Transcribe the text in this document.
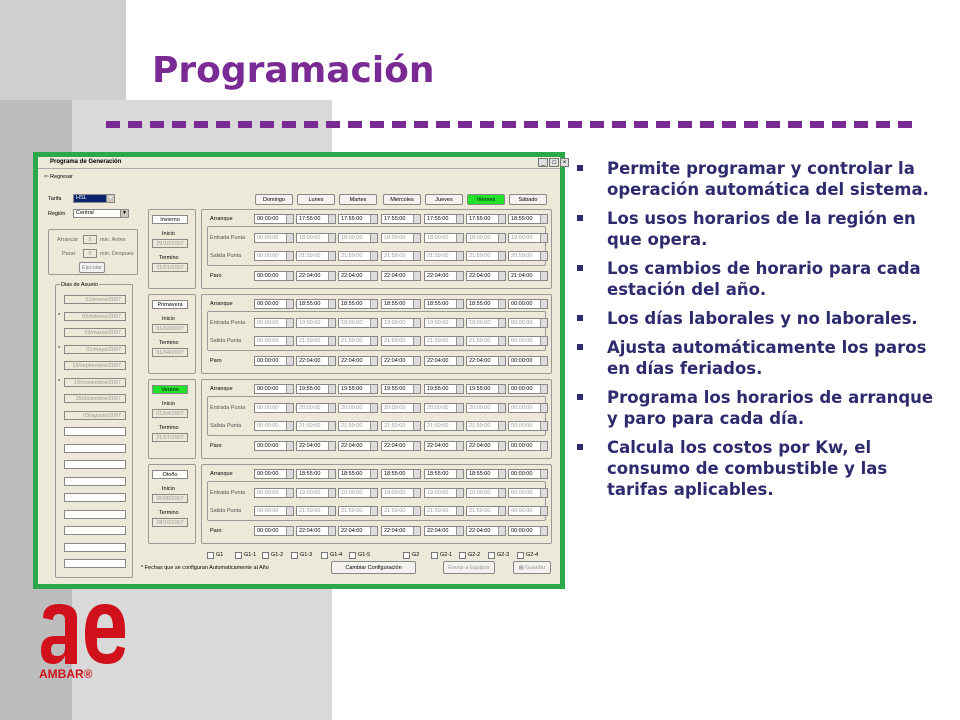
Programación
Programa de Generación	_	□	×
⇦ Regresar
Tarifa	HSL	▼
Región	Central	▼
Arrancar	5	min. Antes
Parar	5	min. Despues
Ejecutar
Dias de Asueto
01/enero/2007
05/febrero/2007
*
19/marzo/2007
01/mayo/2007
*
16/septiembre/2007
19/noviembre/2007
*
25/diciembre/2007
03/agosto/2007
Domingo	Lunes	Martes	Miércoles	Jueves	Viernes	Sábado
Invierno
Inicio
29/10/2007
Termino
31/01/2007
Arranque	00:00:00	17:55:00	17:55:00	17:55:00	17:55:00	17:55:00	18:55:00
Entrada Punta	00:00:00	18:00:00	18:00:00	18:00:00	18:00:00	18:00:00	19:00:00
Salida Punta	00:00:00	21:59:00	21:59:00	21:59:00	21:59:00	21:59:00	20:59:00
Paro	00:00:00	22:04:00	22:04:00	22:04:00	22:04:00	22:04:00	21:04:00
Primavera
Inicio
01/02/2007
Termino
01/04/2007
Arranque	00:00:00	18:55:00	18:55:00	18:55:00	18:55:00	18:55:00	00:00:00
Entrada Punta	00:00:00	19:00:00	19:00:00	19:00:00	19:00:00	19:00:00	00:00:00
Salida Punta	00:00:00	21:59:00	21:59:00	21:59:00	21:59:00	21:59:00	00:00:00
Paro	00:00:00	22:04:00	22:04:00	22:04:00	22:04:00	22:04:00	00:00:00
Verano
Inicio
01/04/2007
Termino
31/07/2007
Arranque	00:00:00	19:55:00	19:55:00	19:55:00	19:55:00	19:55:00	00:00:00
Entrada Punta	00:00:00	20:00:00	20:00:00	20:00:00	20:00:00	20:00:00	00:00:00
Salida Punta	00:00:00	21:59:00	21:59:00	21:59:00	21:59:00	21:59:00	00:00:00
Paro	00:00:00	22:04:00	22:04:00	22:04:00	22:04:00	22:04:00	00:00:00
Otoño
Inicio
05/08/2007
Termino
28/10/2007
Arranque	00:00:00	18:55:00	18:55:00	18:55:00	18:55:00	18:55:00	00:00:00
Entrada Punta	00:00:00	19:00:00	19:00:00	19:00:00	19:00:00	19:00:00	00:00:00
Salida Punta	00:00:00	21:59:00	21:59:00	21:59:00	21:59:00	21:59:00	00:00:00
Paro	00:00:00	22:04:00	22:04:00	22:04:00	22:04:00	22:04:00	00:00:00
G1	G1-1	G1-2	G1-3	G1-4	G1-5	G2	G2-1	G2-2	G2-3	G2-4
* Fechas que se configuran Automaticamente al Año	Cambiar Configuración	Enviar a Equipos	▦ Guardar
Permite programar y controlar la operación automática del sistema.
Los usos horarios de la región en que opera.
Los cambios de horario para cada estación del año.
Los días laborales y no laborales.
Ajusta automáticamente los paros en días feriados.
Programa los horarios de arranque y paro para cada día.
Calcula los costos por Kw, el consumo de combustible y las tarifas aplicables.
AMBAR®
